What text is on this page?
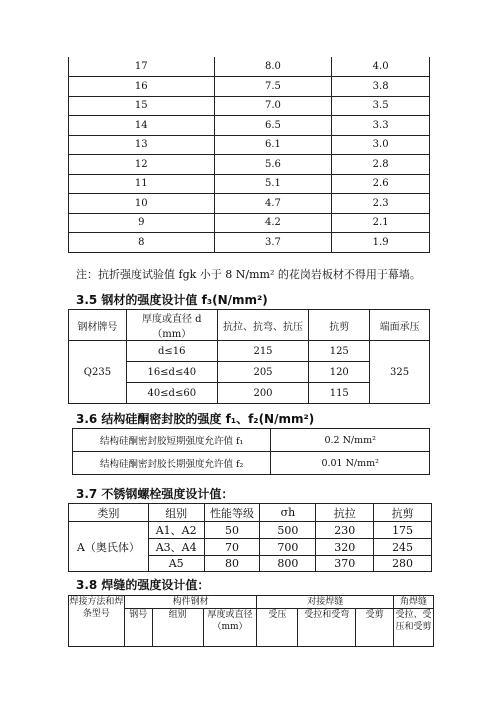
17	8.0	4.0
16	7.5	3.8
15	7.0	3.5
14	6.5	3.3
13	6.1	3.0
12	5.6	2.8
11	5.1	2.6
10	4.7	2.3
9	4.2	2.1
8	3.7	1.9
注：抗折强度试验值 fgk 小于 8 N/mm² 的花岗岩板材不得用于幕墙。
3.5 钢材的强度设计值 f₃(N/mm²)
钢材牌号	厚度或直径 d（mm）	抗拉、抗弯、抗压	抗剪	端面承压
Q235	d≤16	215	125	325
	16≤d≤40	205	120	
	40≤d≤60	200	115	
3.6 结构硅酮密封胶的强度 f₁、f₂(N/mm²)
结构硅酮密封胶短期强度允许值 f₁	0.2 N/mm²
结构硅酮密封胶长期强度允许值 f₂	0.01 N/mm²
3.7 不锈钢螺栓强度设计值：
类别	组别	性能等级	σh	抗拉	抗剪
A（奥氏体）	A1、A2	50	500	230	175
	A3、A4	70	700	320	245
	A5	80	800	370	280
3.8 焊缝的强度设计值：
焊接方法和焊条型号	构件钢材			对接焊缝			角焊缝
	钢号	组别	厚度或直径（mm）	受压	受拉和受弯	受剪	受拉、受压和受剪
